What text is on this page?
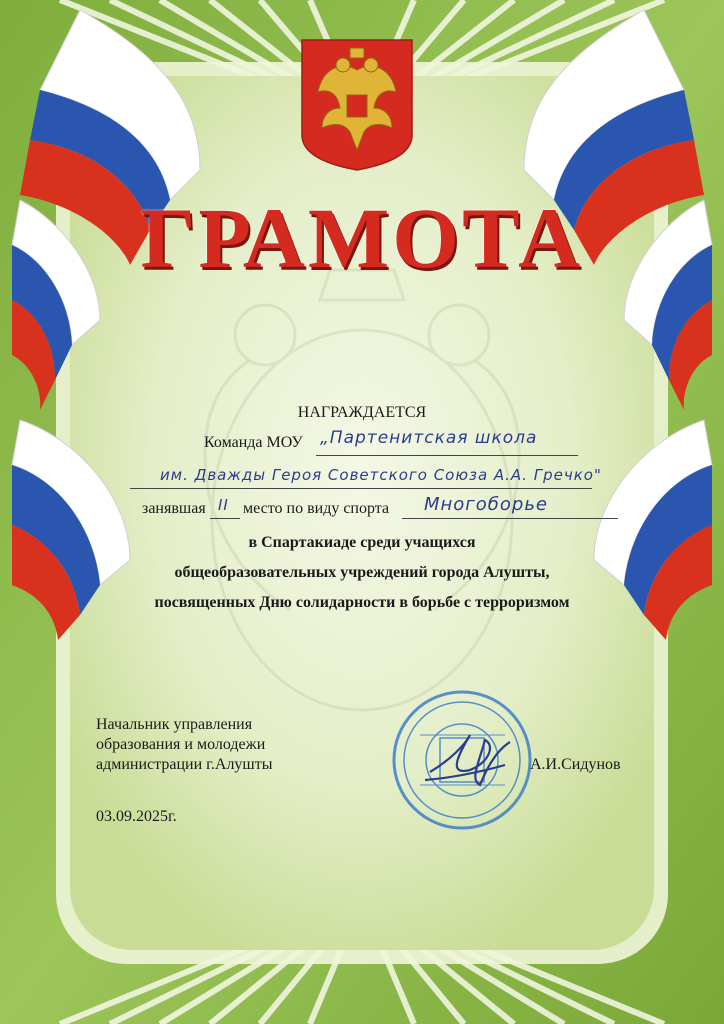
ГРАМОТА
НАГРАЖДАЕТСЯ
Команда МОУ „Партенитская школа
им. Дважды Героя Советского Союза А.А. Гречко"
занявшая II место по виду спорта Многоборье
в Спартакиаде среди учащихся
общеобразовательных учреждений города Алушты,
посвященных Дню солидарности в борьбе с терроризмом
Начальник управления
образования и молодежи
администрации г.Алушты	А.И.Сидунов
03.09.2025г.
